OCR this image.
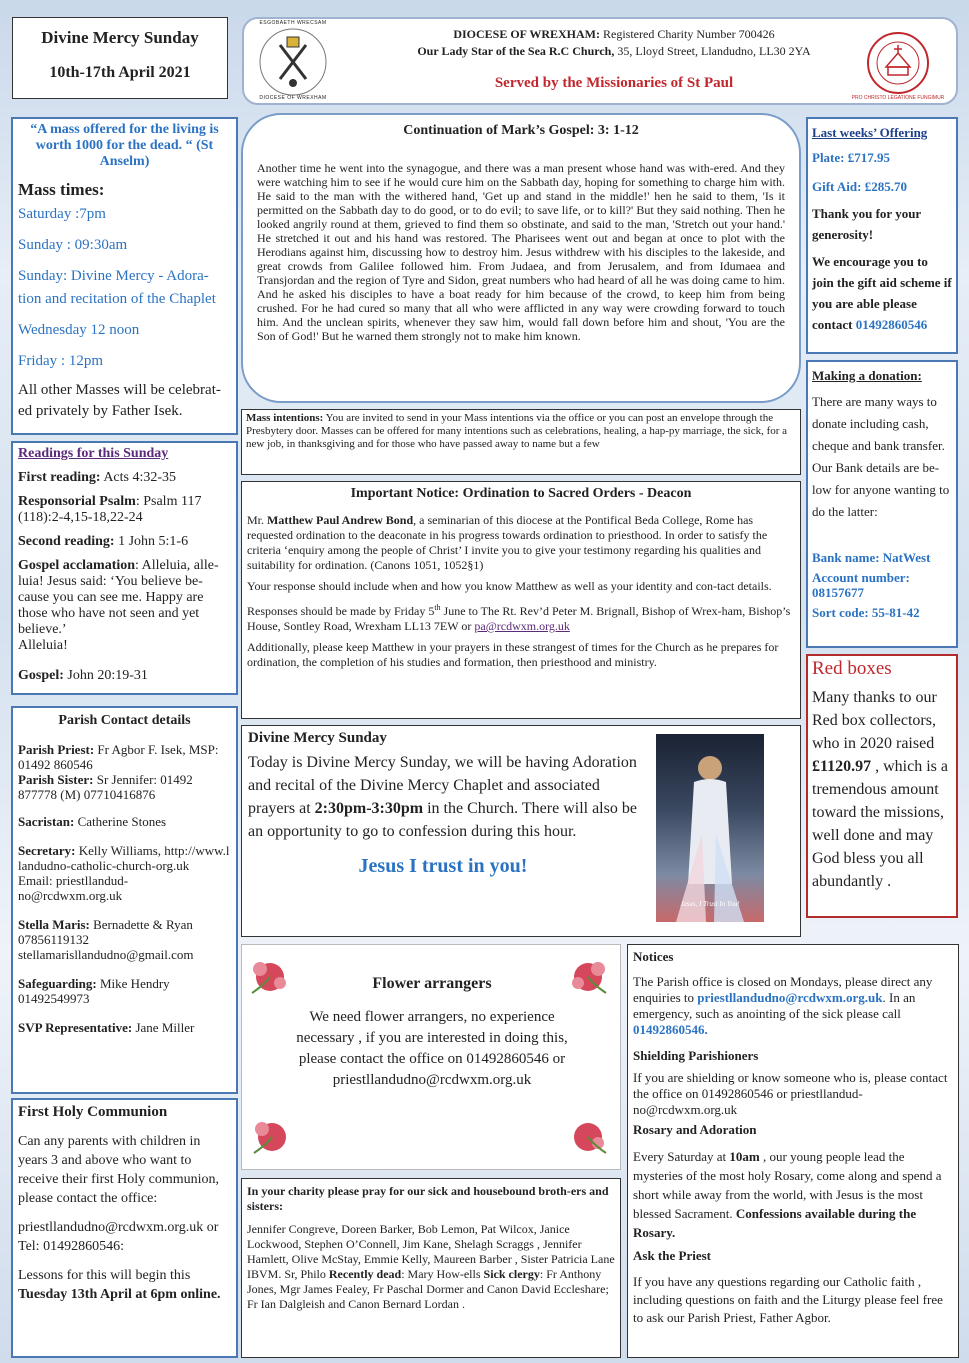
Divine Mercy Sunday
10th-17th April 2021
ESGOBAETH WRECSAM
DIOCESE OF WREXHAM
DIOCESE OF WREXHAM: Registered Charity Number 700426
Our Lady Star of the Sea R.C Church, 35, Lloyd Street, Llandudno, LL30 2YA
Served by the Missionaries of St Paul
PRO CHRISTO LEGATIONE FUNGIMUR

“A mass offered for the living is worth 1000 for the dead. “ (St Anselm)

Mass times:

Saturday :7pm

Sunday : 09:30am

Sunday: Divine Mercy - Adora-

tion and recitation of the Chaplet

Wednesday 12 noon

Friday : 12pm

All other Masses will be celebrat-ed privately by Father Isek.

Readings for this Sunday

First reading: Acts 4:32-35

Responsorial Psalm: Psalm 117 (118):2-4,15-18,22-24

Second reading: 1 John 5:1-6

Gospel acclamation: Alleluia, alle-luia! Jesus said: ‘You believe be-cause you can see me. Happy are those who have not seen and yet believe.’

Alleluia!

Gospel: John 20:19-31

Parish Contact details

Parish Priest: Fr Agbor F. Isek, MSP: 01492 860546

Parish Sister: Sr Jennifer: 01492 877778 (M) 07710416876

Sacristan: Catherine Stones

Secretary: Kelly Williams, http://www.llandudno-catholic-church-org.uk

Email: priestllandud-no@rcdwxm.org.uk

Stella Maris: Bernadette & Ryan 07856119132 stellamarisllandudno@gmail.com

Safeguarding: Mike Hendry 01492549973

SVP Representative: Jane Miller

First Holy Communion

Can any parents with children in years 3 and above who want to receive their first Holy communion, please contact the office:

priestllandudno@rcdwxm.org.uk or Tel: 01492860546:

Lessons for this will begin this Tuesday 13th April at 6pm online.

Continuation of Mark’s Gospel: 3: 1-12

Another time he went into the synagogue, and there was a man present whose hand was with-ered. And they were watching him to see if he would cure him on the Sabbath day, hoping for something to charge him with. He said to the man with the withered hand, 'Get up and stand in the middle!' hen he said to them, 'Is it permitted on the Sabbath day to do good, or to do evil; to save life, or to kill?' But they said nothing. Then he looked angrily round at them, grieved to find them so obstinate, and said to the man, 'Stretch out your hand.' He stretched it out and his hand was restored. The Pharisees went out and began at once to plot with the Herodians against him, discussing how to destroy him. Jesus withdrew with his disciples to the lakeside, and great crowds from Galilee followed him. From Judaea, and from Jerusalem, and from Idumaea and Transjordan and the region of Tyre and Sidon, great numbers who had heard of all he was doing came to him. And he asked his disciples to have a boat ready for him because of the crowd, to keep him from being crushed. For he had cured so many that all who were afflicted in any way were crowding forward to touch him. And the unclean spirits, whenever they saw him, would fall down before him and shout, 'You are the Son of God!' But he warned them strongly not to make him known.

Mass intentions: You are invited to send in your Mass intentions via the office or you can post an envelope through the Presbytery door. Masses can be offered for many intentions such as celebrations, healing, a hap-py marriage, the sick, for a new job, in thanksgiving and for those who have passed away to name but a few

Important Notice: Ordination to Sacred Orders - Deacon

Mr. Matthew Paul Andrew Bond, a seminarian of this diocese at the Pontifical Beda College, Rome has requested ordination to the deaconate in his progress towards ordination to priesthood. In order to satisfy the criteria ‘enquiry among the people of Christ’ I invite you to give your testimony regarding his qualities and suitability for ordination. (Canons 1051, 1052§1)

Your response should include when and how you know Matthew as well as your identity and con-tact details.

Responses should be made by Friday 5th June to The Rt. Rev’d Peter M. Brignall, Bishop of Wrex-ham, Bishop’s House, Sontley Road, Wrexham LL13 7EW or pa@rcdwxm.org.uk

Additionally, please keep Matthew in your prayers in these strangest of times for the Church as he prepares for ordination, the completion of his studies and formation, then priesthood and ministry.

Divine Mercy Sunday

Today is Divine Mercy Sunday, we will be having Adoration and recital of the Divine Mercy Chaplet and associated prayers at 2:30pm-3:30pm in the Church. There will also be an opportunity to go to confession during this hour.

Jesus I trust in you!

Jesus, I Trust In You!

Flower arrangers

We need flower arrangers, no experience necessary , if you are interested in doing this, please contact the office on 01492860546 or priestllandudno@rcdwxm.org.uk

In your charity please pray for our sick and housebound broth-ers and sisters:

Jennifer Congreve, Doreen Barker, Bob Lemon, Pat Wilcox, Janice Lockwood, Stephen O’Connell, Jim Kane, Shelagh Scraggs , Jennifer Hamlett, Olive McStay, Emmie Kelly, Maureen Barber , Sister Patricia Lane IBVM. Sr, Philo Recently dead: Mary How-ells Sick clergy: Fr Anthony Jones, Mgr James Fealey, Fr Paschal Dormer and Canon David Eccleshare; Fr Ian Dalgleish and Canon Bernard Lordan .

Notices

The Parish office is closed on Mondays, please direct any enquiries to priestllandudno@rcdwxm.org.uk. In an emergency, such as anointing of the sick please call 01492860546.

Shielding Parishioners

If you are shielding or know someone who is, please contact the office on 01492860546 or priestllandud-no@rcdwxm.org.uk

Rosary and Adoration

Every Saturday at 10am , our young people lead the mysteries of the most holy Rosary, come along and spend a short while away from the world, with Jesus is the most blessed Sacrament. Confessions available during the Rosary.

Ask the Priest

If you have any questions regarding our Catholic faith , including questions on faith and the Liturgy please feel free to ask our Parish Priest, Father Agbor.

Last weeks’ Offering

Plate: £717.95

Gift Aid: £285.70

Thank you for your generosity!

We encourage you to join the gift aid scheme if you are able please contact 01492860546

Making a donation:

There are many ways to donate including cash, cheque and bank transfer. Our Bank details are be-low for anyone wanting to do the latter:

Bank name: NatWest

Account number: 08157677

Sort code: 55-81-42

Red boxes

Many thanks to our Red box collectors, who in 2020 raised £1120.97 , which is a tremendous amount toward the missions, well done and may God bless you all abundantly .
